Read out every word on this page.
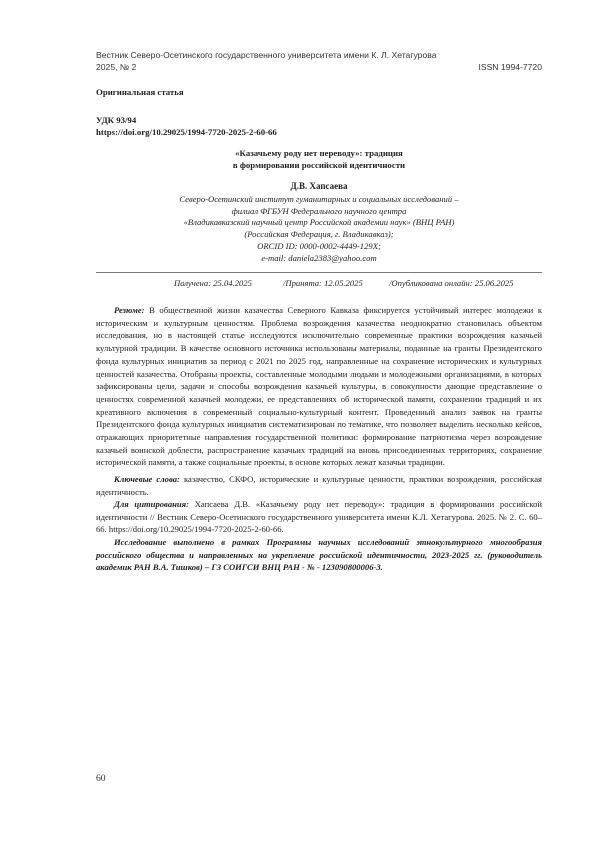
Вестник Северо-Осетинского государственного университета имени К. Л. Хетагурова
2025, № 2	ISSN 1994-7720
Оригинальная статья
УДК 93/94
https://doi.org/10.29025/1994-7720-2025-2-60-66
«Казачьему роду нет переводу»: традиция
в формировании российской идентичности
Д.В. Хапсаева
Северо-Осетинский институт гуманитарных и социальных исследований –
филиал ФГБУН Федерального научного центра
«Владикавказский научный центр Российской академии наук» (ВНЦ РАН)
(Российская Федерация, г. Владикавказ);
ORCID ID: 0000-0002-4449-129X;
e-mail: daniela2383@yahoo.com
Получена: 25.04.2025	/Принята: 12.05.2025	/Опубликована онлайн: 25.06.2025

Резюме: В общественной жизни казачества Северного Кавказа фиксируется устойчивый интерес молодежи к историческим и культурным ценностям. Проблема возрождения казачества неоднократно становилась объектом исследования, но в настоящей статье исследуются исключительно современные практики возрождения казачьей культурной традиции. В качестве основного источника использованы материалы, поданные на гранты Президентского фонда культурных инициатив за период с 2021 по 2025 год, направленные на сохранение исторических и культурных ценностей казачества. Отобраны проекты, составленные молодыми людьми и молодежными организациями, в которых зафиксированы цели, задачи и способы возрождения казачьей культуры, в совокупности дающие представление о ценностях современной казачьей молодежи, ее представлениях об исторической памяти, сохранении традиций и их креативного включения в современный социально-культурный контент. Проведенный анализ заявок на гранты Президентского фонда культурных инициатив систематизирован по тематике, что позволяет выделить несколько кейсов, отражающих приоритетные направления государственной политики: формирование патриотизма через возрождение казачьей воинской доблести, распространение казачьих традиций на вновь присоединенных территориях, сохранение исторической памяти, а также социальные проекты, в основе которых лежат казачьи традиции.

Ключевые слова: казачество, СКФО, исторические и культурные ценности, практики возрождения, российская идентичность.
Для цитирования: Хапсаева Д.В. «Казачьему роду нет переводу»: традиция в формировании российской идентичности // Вестник Северо-Осетинского государственного университета имени К.Л. Хетагурова. 2025. № 2. С. 60–66. https://doi.org/10.29025/1994-7720-2025-2-60-66.
Исследование выполнено в рамках Программы научных исследований этнокультурного многообразия российского общества и направленных на укрепление российской идентичности, 2023-2025 гг. (руководитель академик РАН В.А. Тишков) – ГЗ СОИГСИ ВНЦ РАН - № - 123090800006-3.
60
